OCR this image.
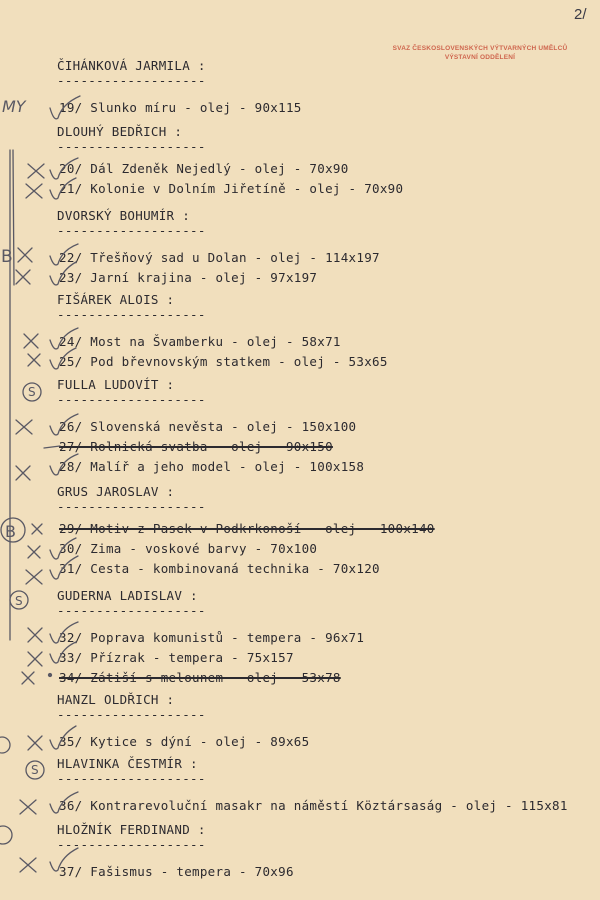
2/
SVAZ ČESKOSLOVENSKÝCH VÝTVARNÝCH UMĚLCŮ
VÝSTAVNÍ ODDĚLENÍ
ČIHÁNKOVÁ JARMILA :
-------------------
19/ Slunko míru - olej - 90x115
DLOUHÝ BEDŘICH :
-------------------
20/ Dál Zdeněk Nejedlý - olej - 70x90
21/ Kolonie v Dolním Jiřetíně - olej - 70x90
DVORSKÝ BOHUMÍR :
-------------------
22/ Třešňový sad u Dolan - olej - 114x197
23/ Jarní krajina - olej - 97x197
FIŠÁREK ALOIS :
-------------------
24/ Most na Švamberku - olej - 58x71
25/ Pod břevnovským statkem - olej - 53x65
FULLA LUDOVÍT :
-------------------
26/ Slovenská nevěsta - olej - 150x100
27/ Rolnická svatba - olej - 90x150
28/ Malíř a jeho model - olej - 100x158
GRUS JAROSLAV :
-------------------
29/ Motiv z Pasek v Podkrkonoší - olej - 100x140
30/ Zima - voskové barvy - 70x100
31/ Cesta - kombinovaná technika - 70x120
GUDERNA LADISLAV :
-------------------
32/ Poprava komunistů - tempera - 96x71
33/ Přízrak - tempera - 75x157
34/ Zátiší s melounem - olej - 53x78
HANZL OLDŘICH :
-------------------
35/ Kytice s dýní - olej - 89x65
HLAVINKA ČESTMÍR :
-------------------
36/ Kontrarevoluční masakr na náměstí Köztársaság - olej - 115x81
HLOŽNÍK FERDINAND :
-------------------
37/ Fašismus - tempera - 70x96
MY
B
B
S
S
S
